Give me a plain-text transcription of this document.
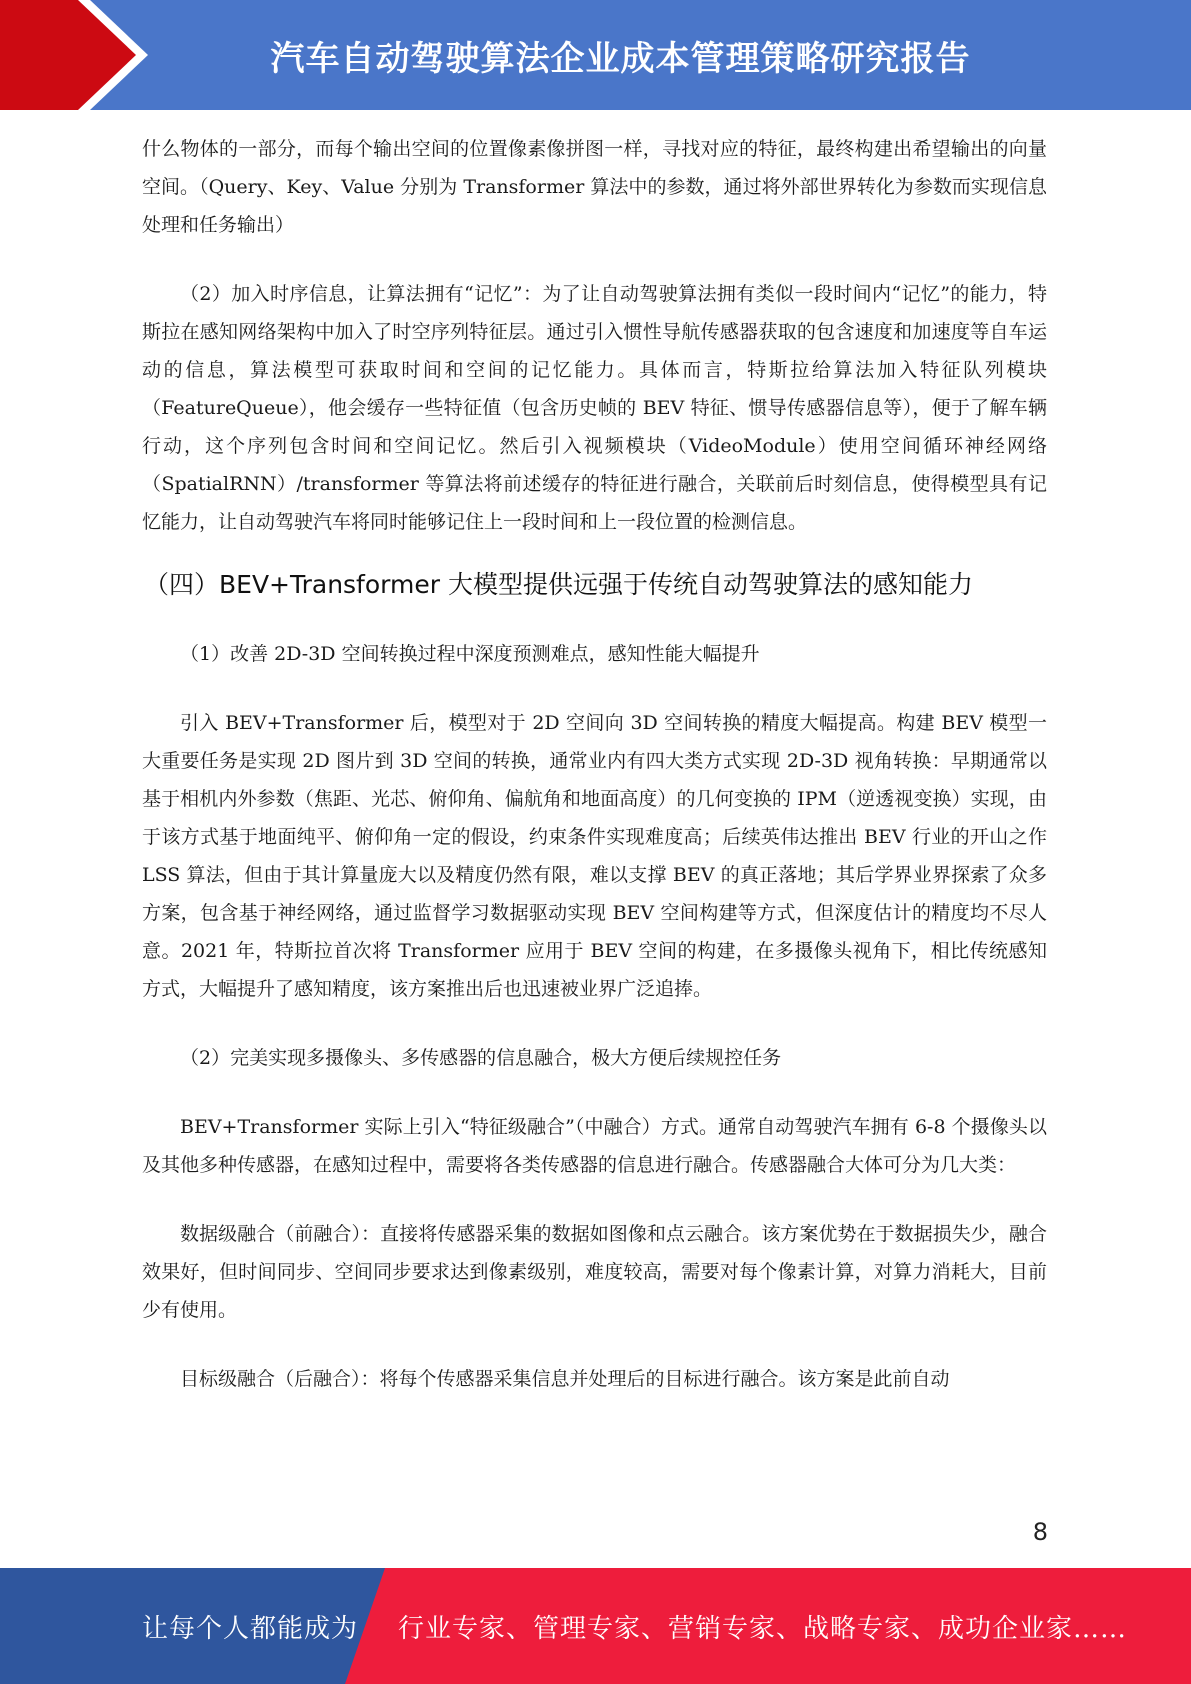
汽车自动驾驶算法企业成本管理策略研究报告

什么物体的一部分，而每个输出空间的位置像素像拼图一样，寻找对应的特征，最终构建出希望输出的向量空间。（Query、Key、Value 分别为 Transformer 算法中的参数，通过将外部世界转化为参数而实现信息处理和任务输出）

（2）加入时序信息，让算法拥有“记忆”：为了让自动驾驶算法拥有类似一段时间内“记忆”的能力，特斯拉在感知网络架构中加入了时空序列特征层。通过引入惯性导航传感器获取的包含速度和加速度等自车运动的信息，算法模型可获取时间和空间的记忆能力。具体而言，特斯拉给算法加入特征队列模块（FeatureQueue），他会缓存一些特征值（包含历史帧的 BEV 特征、惯导传感器信息等），便于了解车辆行动，这个序列包含时间和空间记忆。然后引入视频模块（VideoModule）使用空间循环神经网络（SpatialRNN）/transformer 等算法将前述缓存的特征进行融合，关联前后时刻信息，使得模型具有记忆能力，让自动驾驶汽车将同时能够记住上一段时间和上一段位置的检测信息。

（四）BEV+Transformer 大模型提供远强于传统自动驾驶算法的感知能力

（1）改善 2D-3D 空间转换过程中深度预测难点，感知性能大幅提升

引入 BEV+Transformer 后，模型对于 2D 空间向 3D 空间转换的精度大幅提高。构建 BEV 模型一大重要任务是实现 2D 图片到 3D 空间的转换，通常业内有四大类方式实现 2D-3D 视角转换：早期通常以基于相机内外参数（焦距、光芯、俯仰角、偏航角和地面高度）的几何变换的 IPM（逆透视变换）实现，由于该方式基于地面纯平、俯仰角一定的假设，约束条件实现难度高；后续英伟达推出 BEV 行业的开山之作 LSS 算法，但由于其计算量庞大以及精度仍然有限，难以支撑 BEV 的真正落地；其后学界业界探索了众多方案，包含基于神经网络，通过监督学习数据驱动实现 BEV 空间构建等方式，但深度估计的精度均不尽人意。2021 年，特斯拉首次将 Transformer 应用于 BEV 空间的构建，在多摄像头视角下，相比传统感知方式，大幅提升了感知精度，该方案推出后也迅速被业界广泛追捧。

（2）完美实现多摄像头、多传感器的信息融合，极大方便后续规控任务

BEV+Transformer 实际上引入“特征级融合”（中融合）方式。通常自动驾驶汽车拥有 6-8 个摄像头以及其他多种传感器，在感知过程中，需要将各类传感器的信息进行融合。传感器融合大体可分为几大类：

数据级融合（前融合）：直接将传感器采集的数据如图像和点云融合。该方案优势在于数据损失少，融合效果好，但时间同步、空间同步要求达到像素级别，难度较高，需要对每个像素计算，对算力消耗大，目前少有使用。

目标级融合（后融合）：将每个传感器采集信息并处理后的目标进行融合。该方案是此前自动

8
让每个人都能成为 行业专家、管理专家、营销专家、战略专家、成功企业家……
